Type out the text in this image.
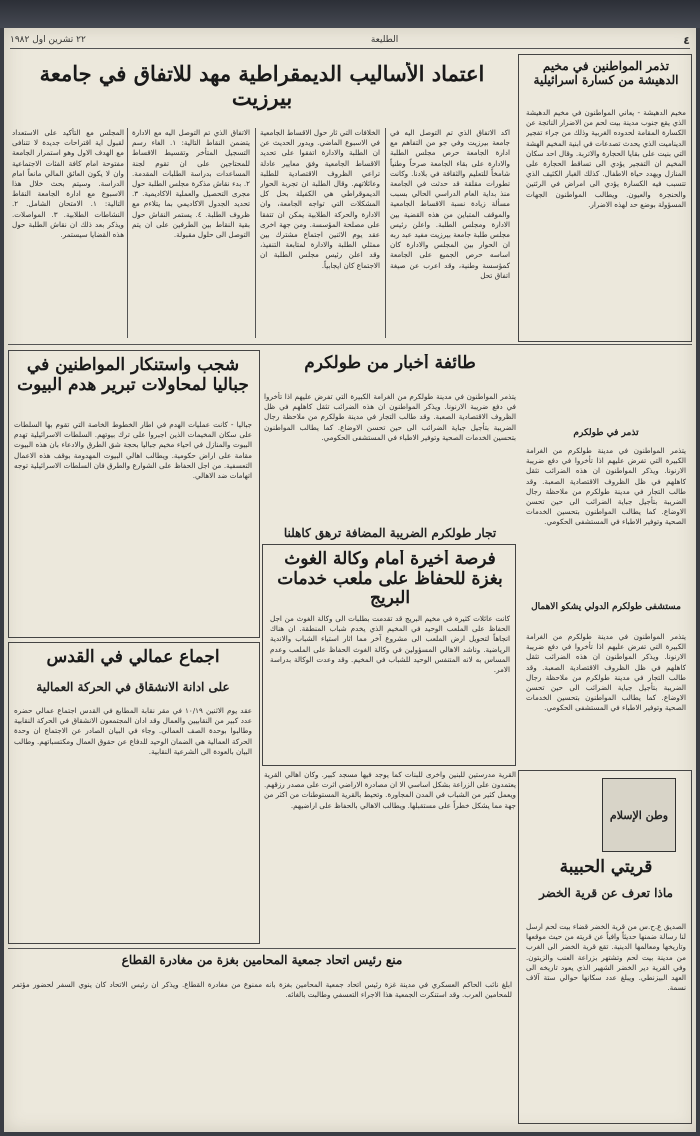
٤
الطليعة
٢٢ تشرين اول ١٩٨٢
تذمر المواطنين في مخيم الدهيشة من كسارة اسرائيلية
مخيم الدهيشة - يعاني المواطنون في مخيم الدهيشة الذي يقع جنوب مدينة بيت لحم من الاضرار الناتجة عن الكسارة المقامة لحدوده الغربية وذلك من جراء تفجير الديناميت الذي يحدث تصدعات في ابنية المخيم الهشة التي بنيت على بقايا الحجارة والاتربة. وقال احد سكان المخيم ان التفجير يؤدي الى تساقط الحجارة على المنازل ويهدد حياة الاطفال. كذلك الغبار الكثيف الذي تتسبب فيه الكسارة يؤدي الى امراض في الرئتين والحنجرة والعيون. ويطالب المواطنون الجهات المسؤولة بوضع حد لهذه الاضرار.
اعتماد الأساليب الديمقراطية مهد للاتفاق في جامعة بيرزيت
اكد الاتفاق الذي تم التوصل اليه في جامعة بيرزيت وفي جو من التفاهم مع ادارة الجامعة حرص مجلس الطلبة والادارة على بقاء الجامعة صرحاً وطنياً شامخاً للتعليم والثقافة في بلادنا. وكانت تطورات مقلقة قد حدثت في الجامعة منذ بداية العام الدراسي الحالي بسبب مسألة زيادة نسبة الاقساط الجامعية والموقف المتباين من هذه القضية بين الادارة ومجلس الطلبة. واعلن رئيس مجلس طلبة جامعة بيرزيت مفيد عبد ربه ان الحوار بين المجلس والادارة كان اساسه حرص الجميع على الجامعة كمؤسسة وطنية، وقد اعرب عن صيغة اتفاق تحل
الخلافات التي ثار حول الاقساط الجامعية في الاسبوع الماضي. ويدور الحديث عن ان الطلبة والادارة اتفقوا على تحديد الاقساط الجامعية وفق معايير عادلة تراعي الظروف الاقتصادية للطلبة وعائلاتهم. وقال الطلبة ان تجربة الحوار الديموقراطي هي الكفيلة بحل كل المشكلات التي تواجه الجامعة، وان الادارة والحركة الطلابية يمكن ان تتفقا على مصلحة المؤسسة. ومن جهة اخرى عقد يوم الاثنين اجتماع مشترك بين ممثلي الطلبة والادارة لمتابعة التنفيذ، وقد اعلن رئيس مجلس الطلبة ان الاجتماع كان ايجابياً.
الاتفاق الذي تم التوصل اليه مع الادارة يتضمن النقاط التالية: ١. الغاء رسم التسجيل المتأخر وتقسيط الاقساط للمحتاجين على ان تقوم لجنة المساعدات بدراسة الطلبات المقدمة. ٢. بدء نقاش مذكرة مجلس الطلبة حول مجرى التحصيل والعملية الاكاديمية. ٣. تحديد الجدول الاكاديمي بما يتلاءم مع ظروف الطلبة. ٤. يستمر النقاش حول بقية النقاط بين الطرفين على ان يتم التوصل الى حلول مقبولة.
المجلس مع التأكيد على الاستعداد لقبول اية اقتراحات جديدة لا تتنافى مع الهدف الاول وهو استمرار الجامعة مفتوحة امام كافة الفئات الاجتماعية وان لا يكون العائق المالي مانعاً امام الدراسة. وسيتم بحث خلال هذا الاسبوع مع ادارة الجامعة النقاط التالية: ١. الامتحان الشامل. ٢. النشاطات الطلابية. ٣. المواصلات. ويذكر بعد ذلك ان نقاش الطلبة حول هذه القضايا سيستمر.
شجب واستنكار المواطنين في جباليا لمحاولات تبرير هدم البيوت
جباليا - كانت عمليات الهدم في اطار الخطوط الخاصة التي تقوم بها السلطات على سكان المخيمات الذين اجبروا على ترك بيوتهم. السلطات الاسرائيلية تهدم البيوت والمنازل في احياء مخيم جباليا بحجة شق الطرق والادعاء بان هذه البيوت مقامة على اراض حكومية. ويطالب اهالي البيوت المهدومة بوقف هذه الاعمال التعسفية. من اجل الحفاظ على الشوارع والطرق فان السلطات الاسرائيلية توجه اتهامات ضد الاهالي.
طائفة أخبار من طولكرم
يتذمر المواطنون في مدينة طولكرم من الغرامة الكبيرة التي تفرض عليهم اذا تأخروا في دفع ضريبة الارنونا. ويذكر المواطنون ان هذه الضرائب تثقل كاهلهم في ظل الظروف الاقتصادية الصعبة. وقد طالب التجار في مدينة طولكرم من ملاحظة رجال الضريبة بتأجيل جباية الضرائب الى حين تحسن الاوضاع. كما يطالب المواطنون بتحسين الخدمات الصحية وتوفير الاطباء في المستشفى الحكومي.
تجار طولكرم الضريبة المضافة ترهق كاهلنا
تذمر في طولكرم
يتذمر المواطنون في مدينة طولكرم من الغرامة الكبيرة التي تفرض عليهم اذا تأخروا في دفع ضريبة الارنونا. ويذكر المواطنون ان هذه الضرائب تثقل كاهلهم في ظل الظروف الاقتصادية الصعبة. وقد طالب التجار في مدينة طولكرم من ملاحظة رجال الضريبة بتأجيل جباية الضرائب الى حين تحسن الاوضاع. كما يطالب المواطنون بتحسين الخدمات الصحية وتوفير الاطباء في المستشفى الحكومي.
مستشفى طولكرم الدولي يشكو الاهمال
فرصة أخيرة أمام وكالة الغوث بغزة للحفاظ على ملعب خدمات البريج
كانت عائلات كثيرة في مخيم البريج قد تقدمت بطلبات الى وكالة الغوث من اجل الحفاظ على الملعب الوحيد في المخيم الذي يخدم شباب المنطقة. ان هناك اتجاهاً لتحويل ارض الملعب الى مشروع آخر مما اثار استياء الشباب والاندية الرياضية. وناشد الاهالي المسؤولين في وكالة الغوث الحفاظ على الملعب وعدم المساس به لانه المتنفس الوحيد للشباب في المخيم. وقد وعدت الوكالة بدراسة الامر.
يتذمر المواطنون في مدينة طولكرم من الغرامة الكبيرة التي تفرض عليهم اذا تأخروا في دفع ضريبة الارنونا. ويذكر المواطنون ان هذه الضرائب تثقل كاهلهم في ظل الظروف الاقتصادية الصعبة. وقد طالب التجار في مدينة طولكرم من ملاحظة رجال الضريبة بتأجيل جباية الضرائب الى حين تحسن الاوضاع. كما يطالب المواطنون بتحسين الخدمات الصحية وتوفير الاطباء في المستشفى الحكومي.
اجماع عمالي في القدس
على ادانة الانشقاق في الحركة العمالية
عقد يوم الاثنين ١٠/١٩ في مقر نقابة المطابع في القدس اجتماع عمالي حضره عدد كبير من النقابيين والعمال وقد ادان المجتمعون الانشقاق في الحركة النقابية وطالبوا بوحدة الصف العمالي. وجاء في البيان الصادر عن الاجتماع ان وحدة الحركة العمالية هي الضمان الوحيد للدفاع عن حقوق العمال ومكتسباتهم. وطالب البيان بالعودة الى الشرعية النقابية.
القرية مدرستين للبنين واخرى للبنات كما يوجد فيها مسجد كبير. وكان اهالي القرية يعتمدون على الزراعة بشكل اساسي الا ان مصادرة الاراضي اثرت على مصدر رزقهم. ويعمل كثير من الشباب في المدن المجاورة. وتحيط بالقرية المستوطنات من اكثر من جهة مما يشكل خطراً على مستقبلها. ويطالب الاهالي بالحفاظ على اراضيهم.
وطن الإسلام
قريتي الحبيبة
ماذا تعرف عن قرية الخضر
الصديق ع.ح.س من قرية الخضر قضاء بيت لحم ارسل لنا رسالة ضمنها حديثاً وافياً عن قريته من حيث موقعها وتاريخها ومعالمها الدينية. تقع قرية الخضر الى الغرب من مدينة بيت لحم وتشتهر بزراعة العنب والزيتون. وفي القرية دير الخضر الشهير الذي يعود تاريخه الى العهد البيزنطي. ويبلغ عدد سكانها حوالي ستة آلاف نسمة.
منع رئيس اتحاد جمعية المحامين بغزة من مغادرة القطاع
ابلغ نائب الحاكم العسكري في مدينة غزة رئيس اتحاد جمعية المحامين بغزة بانه ممنوع من مغادرة القطاع. ويذكر ان رئيس الاتحاد كان ينوي السفر لحضور مؤتمر للمحامين العرب. وقد استنكرت الجمعية هذا الاجراء التعسفي وطالبت بالغائه.
